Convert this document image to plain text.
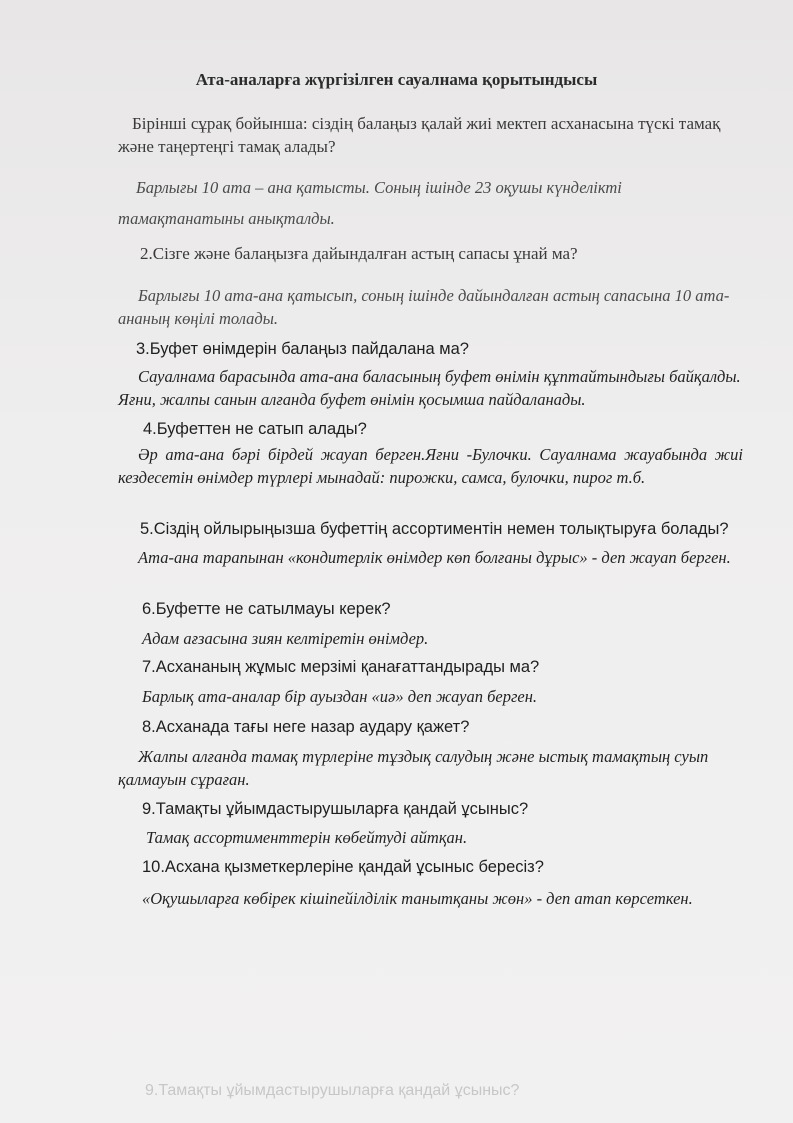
Ата-аналарға жүргізілген сауалнама қорытындысы

Бірінші сұрақ бойынша: сіздің балаңыз қалай жиі мектеп асханасына түскі тамақ және таңертеңгі тамақ алады?

Барлығы 10 ата – ана қатысты. Соның ішінде 23 оқушы күнделікті тамақтанатыны анықталды.

2.Сізге және балаңызға дайындалған астың сапасы ұнай ма?

Барлығы 10 ата-ана қатысып, соның ішінде дайындалған астың сапасына 10 ата- ананың көңілі толады.

3.Буфет өнімдерін балаңыз пайдалана ма?

Сауалнама барасында ата-ана баласының буфет өнімін құптайтындығы байқалды. Яғни, жалпы санын алғанда буфет өнімін қосымша пайдаланады.

4.Буфеттен не сатып алады?

Әр ата-ана бәрі бірдей жауап берген.Яғни -Булочки. Сауалнама жауабында жиі кездесетін өнімдер түрлері мынадай: пирожки, самса, булочки, пирог т.б.

5.Сіздің ойлырыңызша буфеттің ассортиментін немен толықтыруға болады?

Ата-ана тарапынан «кондитерлік өнімдер көп болғаны дұрыс» - деп жауап берген.

6.Буфетте не сатылмауы керек?

Адам ағзасына зиян келтіретін өнімдер.

7.Асхананың жұмыс мерзімі қанағаттандырады ма?

Барлық ата-аналар бір ауыздан «иә» деп жауап берген.

8.Асханада тағы неге назар аудару қажет?

Жалпы алғанда тамақ түрлеріне тұздық салудың және ыстық тамақтың суып қалмауын сұраған.

9.Тамақты ұйымдастырушыларға қандай ұсыныс?

Тамақ ассортименттерін көбейтуді айтқан.

10.Асхана қызметкерлеріне қандай ұсыныс бересіз?

«Оқушыларға көбірек кішіпейілділік танытқаны жөн» - деп атап көрсеткен.

9.Тамақты ұйымдастырушыларға қандай ұсыныс?
